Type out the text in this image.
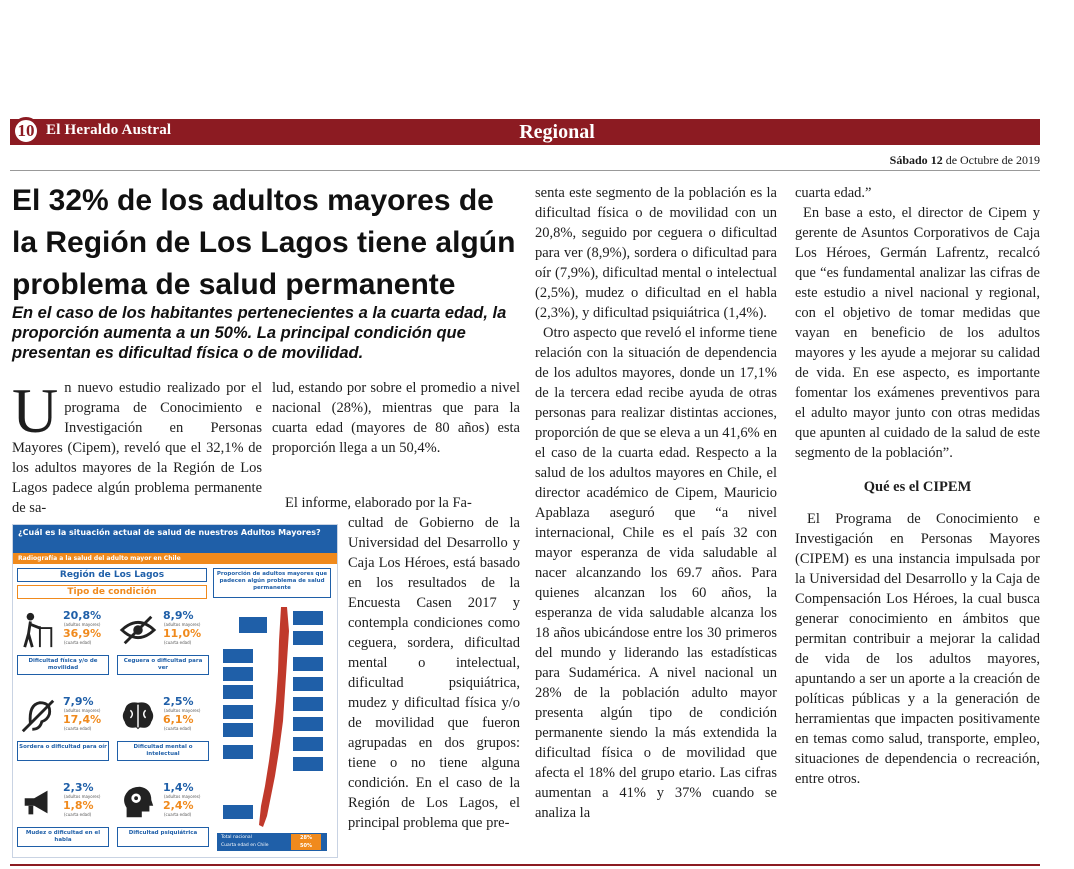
10 El Heraldo Austral	Regional
Sábado 12 de Octubre de 2019
El 32% de los adultos mayores de la Región de Los Lagos tiene algún problema de salud permanente
En el caso de los habitantes pertenecientes a la cuarta edad, la proporción aumenta a un 50%. La principal condición que presentan es dificultad física o de movilidad.
U n nuevo estudio realizado por el programa de Conocimiento e Investigación en Personas Mayores (Cipem), reveló que el 32,1% de los adultos mayores de la Región de Los Lagos padece algún problema permanente de sa-
lud, estando por sobre el promedio a nivel nacional (28%), mientras que para la cuarta edad (mayores de 80 años) esta proporción llega a un 50,4%.
El informe, elaborado por la Fa-
cultad de Gobierno de la Universidad del Desarrollo y Caja Los Héroes, está basado en los resultados de la Encuesta Casen 2017 y contempla condiciones como ceguera, sordera, dificultad mental o intelectual, dificultad psiquiátrica, mudez y dificultad física y/o de movilidad que fueron agrupadas en dos grupos: tiene o no tiene alguna condición. En el caso de la Región de Los Lagos, el principal problema que pre-

senta este segmento de la población es la dificultad física o de movilidad con un 20,8%, seguido por ceguera o dificultad para ver (8,9%), sordera o dificultad para oír (7,9%), dificultad mental o intelectual (2,5%), mudez o dificultad en el habla (2,3%), y dificultad psiquiátrica (1,4%).

Otro aspecto que reveló el informe tiene relación con la situación de dependencia de los adultos mayores, donde un 17,1% de la tercera edad recibe ayuda de otras personas para realizar distintas acciones, proporción de que se eleva a un 41,6% en el caso de la cuarta edad. Respecto a la salud de los adultos mayores en Chile, el director académico de Cipem, Mauricio Apablaza aseguró que “a nivel internacional, Chile es el país 32 con mayor esperanza de vida saludable al nacer alcanzando los 69.7 años. Para quienes alcanzan los 60 años, la esperanza de vida saludable alcanza los 18 años ubicándose entre los 30 primeros del mundo y liderando las estadísticas para Sudamérica. A nivel nacional un 28% de la población adulto mayor presenta algún tipo de condición permanente siendo la más extendida la dificultad física o de movilidad que afecta el 18% del grupo etario. Las cifras aumentan a 41% y 37% cuando se analiza la

cuarta edad.”

En base a esto, el director de Cipem y gerente de Asuntos Corporativos de Caja Los Héroes, Germán Lafrentz, recalcó que “es fundamental analizar las cifras de este estudio a nivel nacional y regional, con el objetivo de tomar medidas que vayan en beneficio de los adultos mayores y les ayude a mejorar su calidad de vida. En ese aspecto, es importante fomentar los exámenes preventivos para el adulto mayor junto con otras medidas que apunten al cuidado de la salud de este segmento de la población”.

Qué es el CIPEM

El Programa de Conocimiento e Investigación en Personas Mayores (CIPEM) es una instancia impulsada por la Universidad del Desarrollo y la Caja de Compensación Los Héroes, la cual busca generar conocimiento en ámbitos que permitan contribuir a mejorar la calidad de vida de los adultos mayores, apuntando a ser un aporte a la creación de políticas públicas y a la generación de herramientas que impacten positivamente en temas como salud, transporte, empleo, situaciones de dependencia o recreación, entre otros.

¿Cuál es la situación actual de salud de nuestros Adultos Mayores?
Radiografía a la salud del adulto mayor en Chile
Región de Los Lagos
Tipo de condición
Proporción de adultos mayores que padecen algún problema de salud permanente
20,8%
(adultos mayores)
36,9%
(cuarta edad)
Dificultad física y/o de movilidad
8,9%
(adultos mayores)
11,0%
(cuarta edad)
Ceguera o dificultad para ver
7,9%
(adultos mayores)
17,4%
(cuarta edad)
Sordera o dificultad para oír
2,5%
(adultos mayores)
6,1%
(cuarta edad)
Dificultad mental o intelectual
2,3%
(adultos mayores)
1,8%
(cuarta edad)
Mudez o dificultad en el habla
1,4%
(adultos mayores)
2,4%
(cuarta edad)
Dificultad psiquiátrica
Total nacional
Cuarta edad en Chile
28%
50%
